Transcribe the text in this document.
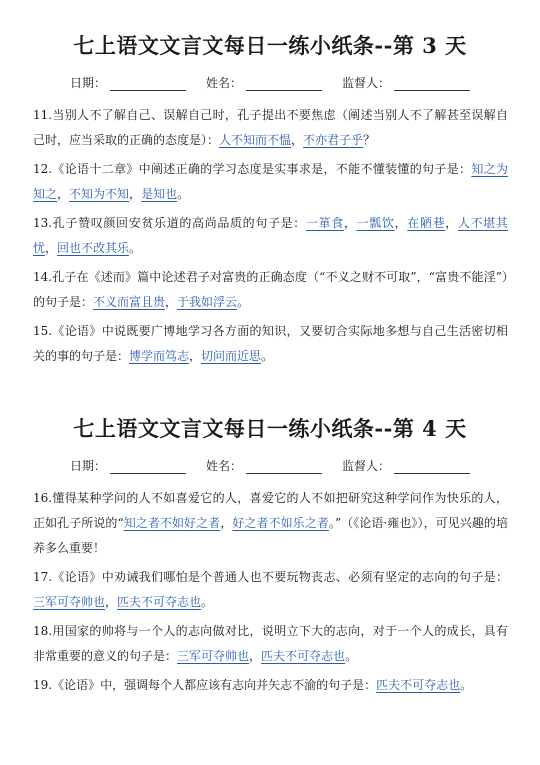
七上语文文言文每日一练小纸条--第 3 天
日期：	姓名：	监督人：

11.当别人不了解自己、误解自己时，孔子提出不要焦虑（阐述当别人不了解甚至误解自己时，应当采取的正确的态度是）：人不知而不愠，不亦君子乎？

12.《论语十二章》中阐述正确的学习态度是实事求是，不能不懂装懂的句子是：知之为知之，不知为不知，是知也。

13.孔子赞叹颜回安贫乐道的高尚品质的句子是：一箪食，一瓢饮，在陋巷，人不堪其忧，回也不改其乐。

14.孔子在《述而》篇中论述君子对富贵的正确态度（“不义之财不可取”，“富贵不能淫”）的句子是：不义而富且贵，于我如浮云。

15.《论语》中说既要广博地学习各方面的知识，又要切合实际地多想与自己生活密切相关的事的句子是：博学而笃志，切问而近思。

七上语文文言文每日一练小纸条--第 4 天
日期：	姓名：	监督人：

16.懂得某种学问的人不如喜爱它的人，喜爱它的人不如把研究这种学问作为快乐的人，正如孔子所说的“知之者不如好之者，好之者不如乐之者。”（《论语·雍也》），可见兴趣的培养多么重要！

17.《论语》中劝诫我们哪怕是个普通人也不要玩物丧志、必须有坚定的志向的句子是：三军可夺帅也，匹夫不可夺志也。

18.用国家的帅将与一个人的志向做对比，说明立下大的志向，对于一个人的成长，具有非常重要的意义的句子是：三军可夺帅也，匹夫不可夺志也。

19.《论语》中，强调每个人都应该有志向并矢志不渝的句子是：匹夫不可夺志也。
